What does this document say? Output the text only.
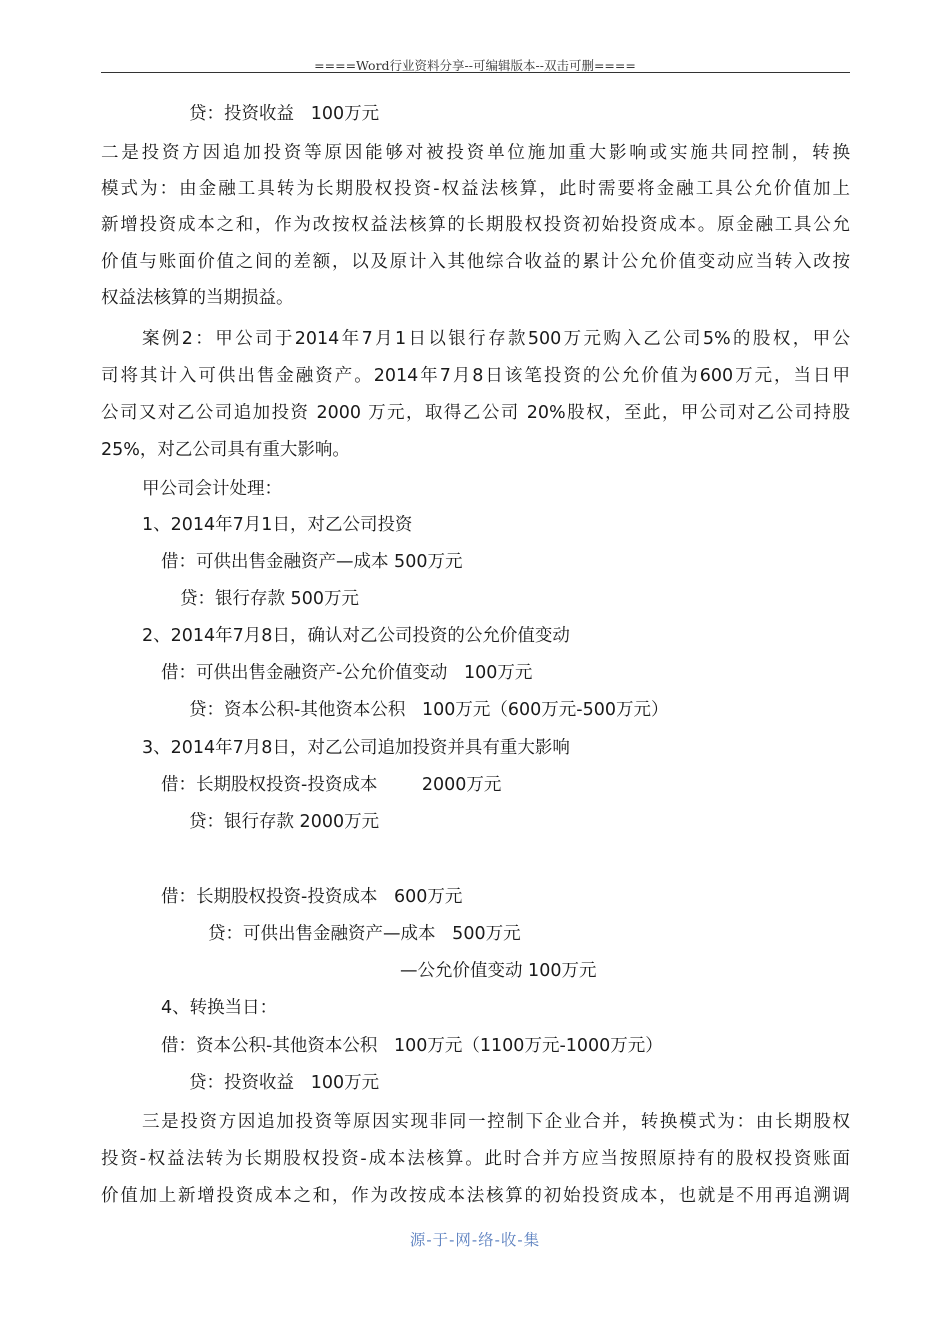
====Word行业资料分享--可编辑版本--双击可删====
贷：投资收益   100万元
二是投资方因追加投资等原因能够对被投资单位施加重大影响或实施共同控制，转换
模式为：由金融工具转为长期股权投资-权益法核算，此时需要将金融工具公允价值加上
新增投资成本之和，作为改按权益法核算的长期股权投资初始投资成本。原金融工具公允
价值与账面价值之间的差额，以及原计入其他综合收益的累计公允价值变动应当转入改按
权益法核算的当期损益。
案例2：甲公司于2014年7月1日以银行存款500万元购入乙公司5%的股权，甲公
司将其计入可供出售金融资产。2014年7月8日该笔投资的公允价值为600万元，当日甲
公司又对乙公司追加投资 2000 万元，取得乙公司 20%股权，至此，甲公司对乙公司持股
25%，对乙公司具有重大影响。
甲公司会计处理：
1、2014年7月1日，对乙公司投资
借：可供出售金融资产—成本 500万元
贷：银行存款 500万元
2、2014年7月8日，确认对乙公司投资的公允价值变动
借：可供出售金融资产-公允价值变动   100万元
贷：资本公积-其他资本公积   100万元（600万元-500万元）
3、2014年7月8日，对乙公司追加投资并具有重大影响
借：长期股权投资-投资成本        2000万元
贷：银行存款 2000万元
借：长期股权投资-投资成本   600万元
贷：可供出售金融资产—成本   500万元
—公允价值变动 100万元
4、转换当日：
借：资本公积-其他资本公积   100万元（1100万元-1000万元）
贷：投资收益   100万元
三是投资方因追加投资等原因实现非同一控制下企业合并，转换模式为：由长期股权
投资-权益法转为长期股权投资-成本法核算。此时合并方应当按照原持有的股权投资账面
价值加上新增投资成本之和，作为改按成本法核算的初始投资成本，也就是不用再追溯调
源-于-网-络-收-集
